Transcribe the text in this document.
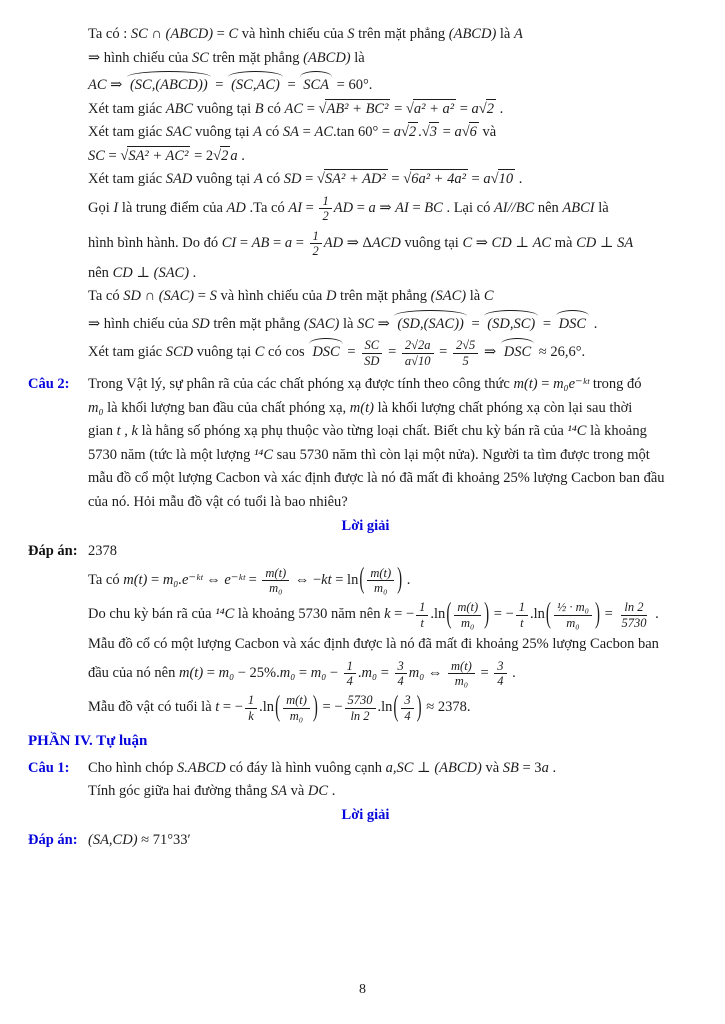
Ta có : SC ∩ (ABCD) = C và hình chiếu của S trên mặt phẳng (ABCD) là A
⇒ hình chiếu của SC trên mặt phẳng (ABCD) là
AC ⇒ (SC,(ABCD)) = (SC,AC) = SCA = 60°.
Xét tam giác ABC vuông tại B có AC = √AB² + BC² = √a² + a² = a√2 .
Xét tam giác SAC vuông tại A có SA = AC.tan 60° = a√2 .√3 = a√6 và
SC = √SA² + AC² = 2√2 a .
Xét tam giác SAD vuông tại A có SD = √SA² + AD² = √6a² + 4a² = a√10 .
Gọi I là trung điểm của AD .Ta có AI = $\frac{1}{2}$ AD = a ⇒ AI = BC . Lại có AI//BC nên ABCI là
hình bình hành. Do đó CI = AB = $a = \frac{1}{2}$ AD ⇒ ΔACD vuông tại C ⇒ CD ⊥ AC mà CD ⊥ SA
nên CD ⊥ (SAC) .
Ta có SD ∩ (SAC) = S và hình chiếu của D trên mặt phẳng (SAC) là C
⇒ hình chiếu của SD trên mặt phẳng (SAC) là SC ⇒ (SD,(SAC)) = (SD,SC) = DSC .
Xét tam giác SCD vuông tại C có cos DSC = $\frac{SC}{SD} = \frac{2√2a}{a√10} = \frac{2√5}{5}$ ⇒ DSC ≈ 26,6°.
Câu 2: Trong Vật lý, sự phân rã của các chất phóng xạ được tính theo công thức m(t) = m₀e⁻ᵏᵗ trong đó
m₀ là khối lượng ban đầu của chất phóng xạ, m(t) là khối lượng chất phóng xạ còn lại sau thời
gian t , k là hằng số phóng xạ phụ thuộc vào từng loại chất. Biết chu kỳ bán rã của ¹⁴C là khoảng
5730 năm (tức là một lượng ¹⁴C sau 5730 năm thì còn lại một nửa). Người ta tìm được trong một
mẫu đồ cổ một lượng Cacbon và xác định được là nó đã mất đi khoảng 25% lượng Cacbon ban đầu
của nó. Hỏi mẫu đồ vật có tuổi là bao nhiêu?
Lời giải
Đáp án: 2378
Ta có m(t) = m₀.e⁻ᵏᵗ ⇔ e⁻ᵏᵗ = $\frac{m(t)}{\text{m₀}}$ ⇔ $-kt = \ln( \frac{m(t)}{\text{m₀}}$ ) .
Do chu kỳ bán rã của ¹⁴C là khoảng 5730 năm nên k = − $\frac{1}{t} .\ln( \frac{m(t)}{\text{m₀}}$ ) = − $\frac{1}{t} .\ln( \frac{\text{½ · m₀}}{\text{m₀}}$ ) = $\frac{\ln 2}{5730}$ .
Mẫu đồ cổ có một lượng Cacbon và xác định được là nó đã mất đi khoảng 25% lượng Cacbon ban
đầu của nó nên $m(t) = m_0 - 25\%.m_0 = m_0 - \frac{1}{4} .m_0 = \frac{3}{4} m_0$ ⇔ $\frac{m(t)}{\text{m₀}} = \frac{3}{4}$ .
Mẫu đồ vật có tuổi là t = − $\frac{1}{k} .\ln( \frac{m(t)}{\text{m₀}}$ ) = − $\frac{5730}{\ln 2} .\ln( \frac{3}{4}$ ) ≈ 2378.
PHẦN IV. Tự luận
Câu 1: Cho hình chóp S.ABCD có đáy là hình vuông cạnh a,SC ⊥ (ABCD) và SB = 3a .
Tính góc giữa hai đường thẳng SA và DC .
Lời giải
Đáp án: (SA,CD) ≈ 71°33′
8
